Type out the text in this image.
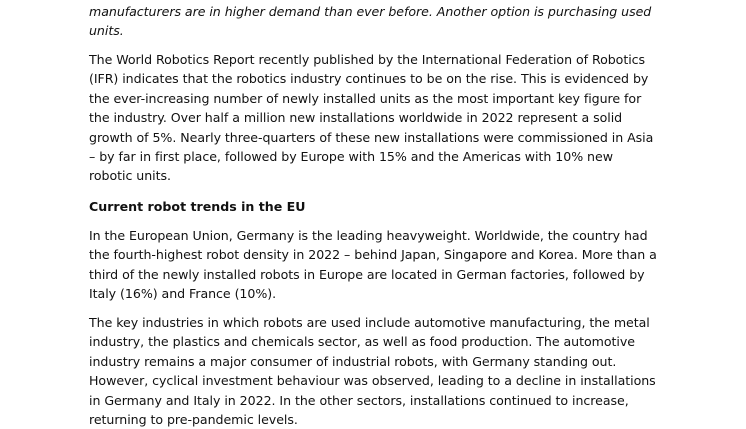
manufacturers are in higher demand than ever before. Another option is purchasing used units.

The World Robotics Report recently published by the International Federation of Robotics (IFR) indicates that the robotics industry continues to be on the rise. This is evidenced by the ever-increasing number of newly installed units as the most important key figure for the industry. Over half a million new installations worldwide in 2022 represent a solid growth of 5%. Nearly three-quarters of these new installations were commissioned in Asia – by far in first place, followed by Europe with 15% and the Americas with 10% new robotic units.

Current robot trends in the EU

In the European Union, Germany is the leading heavyweight. Worldwide, the country had the fourth-highest robot density in 2022 – behind Japan, Singapore and Korea. More than a third of the newly installed robots in Europe are located in German factories, followed by Italy (16%) and France (10%).

The key industries in which robots are used include automotive manufacturing, the metal industry, the plastics and chemicals sector, as well as food production. The automotive industry remains a major consumer of industrial robots, with Germany standing out. However, cyclical investment behaviour was observed, leading to a decline in installations in Germany and Italy in 2022. In the other sectors, installations continued to increase, returning to pre-pandemic levels.
